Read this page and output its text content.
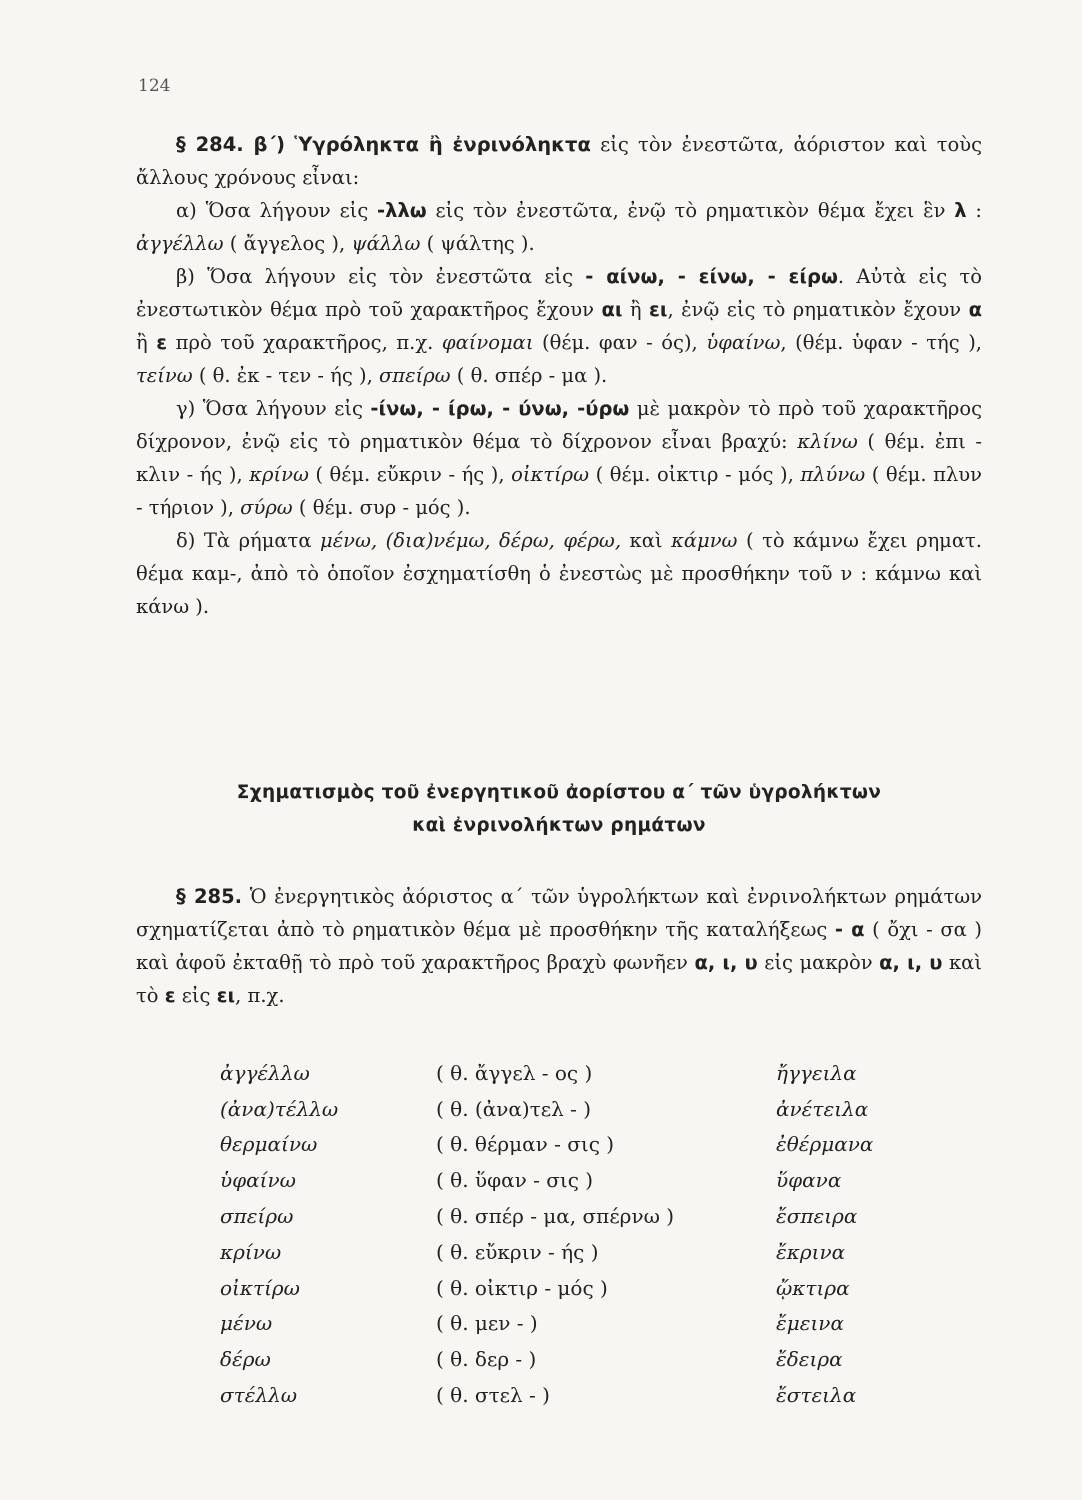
124

§ 284. β΄) Ὑγρόληκτα ἢ ἐνρινόληκτα εἰς τὸν ἐνεστῶτα, ἀόριστον καὶ τοὺς ἄλλους χρόνους εἶναι:

α) Ὅσα λήγουν εἰς -λλω εἰς τὸν ἐνεστῶτα, ἐνῷ τὸ ρηματικὸν θέμα ἔχει ἓν λ : ἀγγέλλω ( ἄγγελος ), ψάλλω ( ψάλτης ).

β) Ὅσα λήγουν εἰς τὸν ἐνεστῶτα εἰς - αίνω, - είνω, - είρω. Αὐτὰ εἰς τὸ ἐνεστωτικὸν θέμα πρὸ τοῦ χαρακτῆρος ἔχουν αι ἢ ει, ἐνῷ εἰς τὸ ρηματικὸν ἔχουν α ἢ ε πρὸ τοῦ χαρακτῆρος, π.χ. φαίνομαι (θέμ. φαν - ός), ὑφαίνω, (θέμ. ὑφαν - τής ), τείνω ( θ. ἐκ - τεν - ής ), σπείρω ( θ. σπέρ - μα ).

γ) Ὅσα λήγουν εἰς -ίνω, - ίρω, - ύνω, -ύρω μὲ μακρὸν τὸ πρὸ τοῦ χαρακτῆρος δίχρονον, ἐνῷ εἰς τὸ ρηματικὸν θέμα τὸ δίχρονον εἶναι βραχύ: κλίνω ( θέμ. ἐπι - κλιν - ής ), κρίνω ( θέμ. εὔκριν - ής ), οἰκτίρω ( θέμ. οἰκτιρ - μός ), πλύνω ( θέμ. πλυν - τήριον ), σύρω ( θέμ. συρ - μός ).

δ) Τὰ ρήματα μένω, (δια)νέμω, δέρω, φέρω, καὶ κάμνω ( τὸ κάμνω ἔχει ρηματ. θέμα καμ-, ἀπὸ τὸ ὁποῖον ἐσχηματίσθη ὁ ἐνεστὼς μὲ προσθήκην τοῦ ν : κάμνω καὶ κάνω ).

Σχηματισμὸς τοῦ ἐνεργητικοῦ ἀορίστου α΄ τῶν ὑγρολήκτων
καὶ ἐνρινολήκτων ρημάτων

§ 285. Ὁ ἐνεργητικὸς ἀόριστος α΄ τῶν ὑγρολήκτων καὶ ἐνρινολήκτων ρημάτων σχηματίζεται ἀπὸ τὸ ρηματικὸν θέμα μὲ προσθήκην τῆς καταλήξεως - α ( ὄχι - σα ) καὶ ἀφοῦ ἐκταθῇ τὸ πρὸ τοῦ χαρακτῆρος βραχὺ φωνῆεν α, ι, υ εἰς μακρὸν α, ι, υ καὶ τὸ ε εἰς ει, π.χ.

ἀγγέλλω	( θ. ἄγγελ - ος )	ἤγγειλα
(ἀνα)τέλλω	( θ. (ἀνα)τελ - )	ἀνέτειλα
θερμαίνω	( θ. θέρμαν - σις )	ἐθέρμανα
ὑφαίνω	( θ. ὕφαν - σις )	ὕφανα
σπείρω	( θ. σπέρ - μα, σπέρνω )	ἔσπειρα
κρίνω	( θ. εὔκριν - ής )	ἔκρινα
οἰκτίρω	( θ. οἰκτιρ - μός )	ᾤκτιρα
μένω	( θ. μεν - )	ἔμεινα
δέρω	( θ. δερ - )	ἔδειρα
στέλλω	( θ. στελ - )	ἔστειλα
